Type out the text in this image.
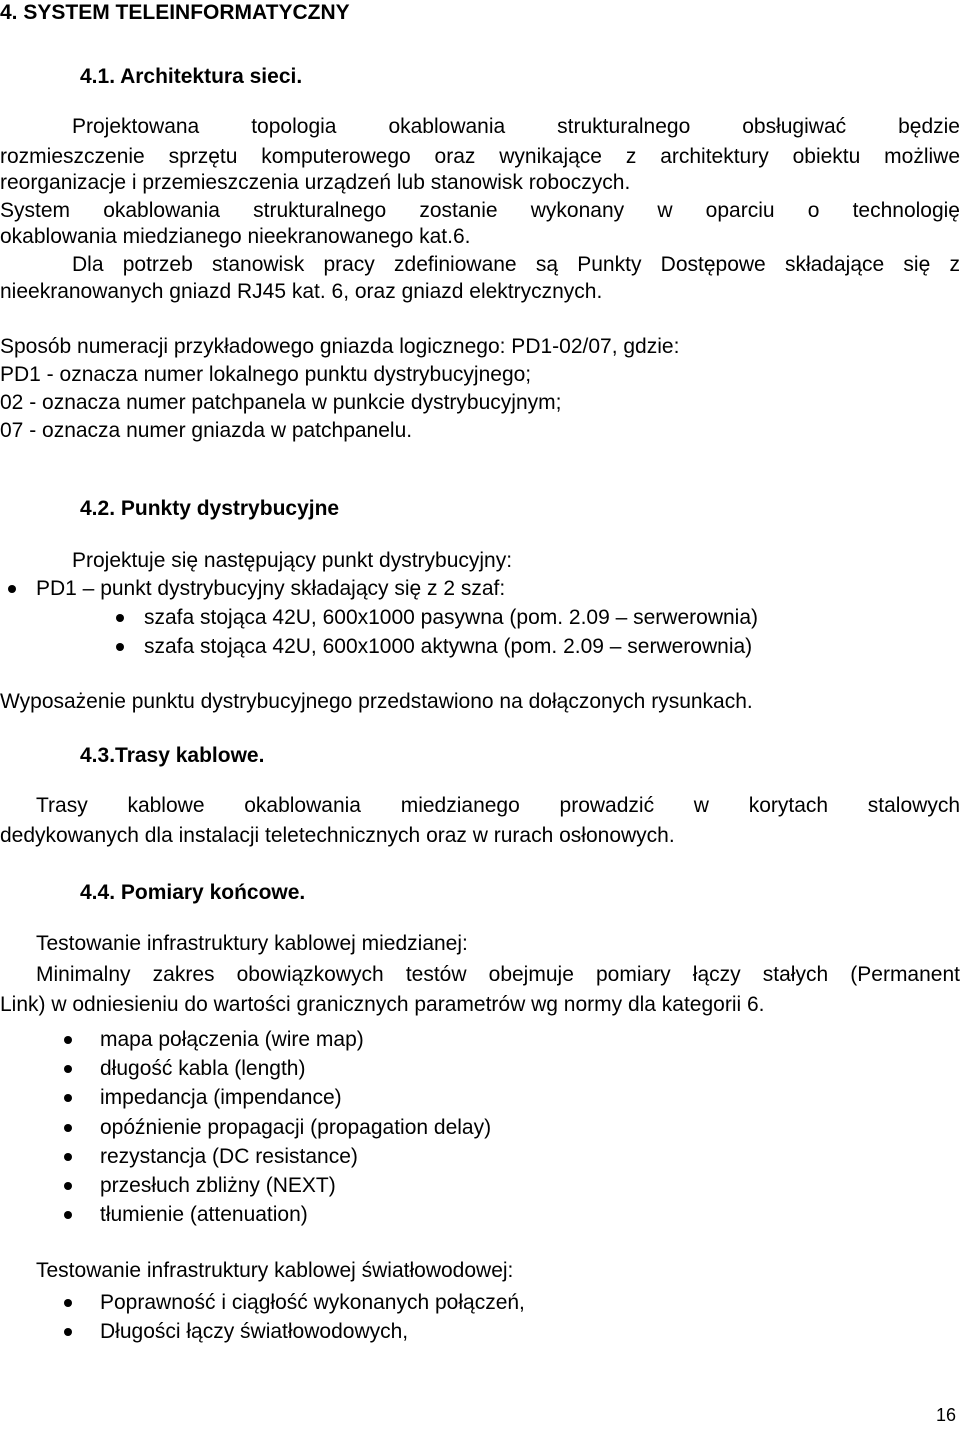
4. SYSTEM TELEINFORMATYCZNY
4.1. Architektura sieci.
Projektowana topologia okablowania strukturalnego obsługiwać będzie
rozmieszczenie sprzętu komputerowego oraz wynikające z architektury obiektu możliwe
reorganizacje i przemieszczenia urządzeń lub stanowisk roboczych.
System okablowania strukturalnego zostanie wykonany w oparciu o technologię
okablowania miedzianego nieekranowanego kat.6.
Dla potrzeb stanowisk pracy zdefiniowane są Punkty Dostępowe składające się z
nieekranowanych gniazd RJ45 kat. 6, oraz gniazd elektrycznych.
Sposób numeracji przykładowego gniazda logicznego: PD1-02/07, gdzie:
PD1 - oznacza numer lokalnego punktu dystrybucyjnego;
02 - oznacza numer patchpanela w punkcie dystrybucyjnym;
07 - oznacza numer gniazda w patchpanelu.
4.2. Punkty dystrybucyjne
Projektuje się następujący punkt dystrybucyjny:
PD1 – punkt dystrybucyjny składający się z 2 szaf:
szafa stojąca 42U, 600x1000 pasywna (pom. 2.09 – serwerownia)
szafa stojąca 42U, 600x1000 aktywna (pom. 2.09 – serwerownia)
Wyposażenie punktu dystrybucyjnego przedstawiono na dołączonych rysunkach.
4.3.Trasy kablowe.
Trasy kablowe okablowania miedzianego prowadzić w korytach stalowych
dedykowanych dla instalacji teletechnicznych oraz w rurach osłonowych.
4.4. Pomiary końcowe.
Testowanie infrastruktury kablowej miedzianej:
Minimalny zakres obowiązkowych testów obejmuje pomiary łączy stałych (Permanent
Link) w odniesieniu do wartości granicznych parametrów wg normy dla kategorii 6.
mapa połączenia (wire map)
długość kabla (length)
impedancja (impendance)
opóźnienie propagacji (propagation delay)
rezystancja (DC resistance)
przesłuch zbliżny (NEXT)
tłumienie (attenuation)
Testowanie infrastruktury kablowej światłowodowej:
Poprawność i ciągłość wykonanych połączeń,
Długości łączy światłowodowych,
16
